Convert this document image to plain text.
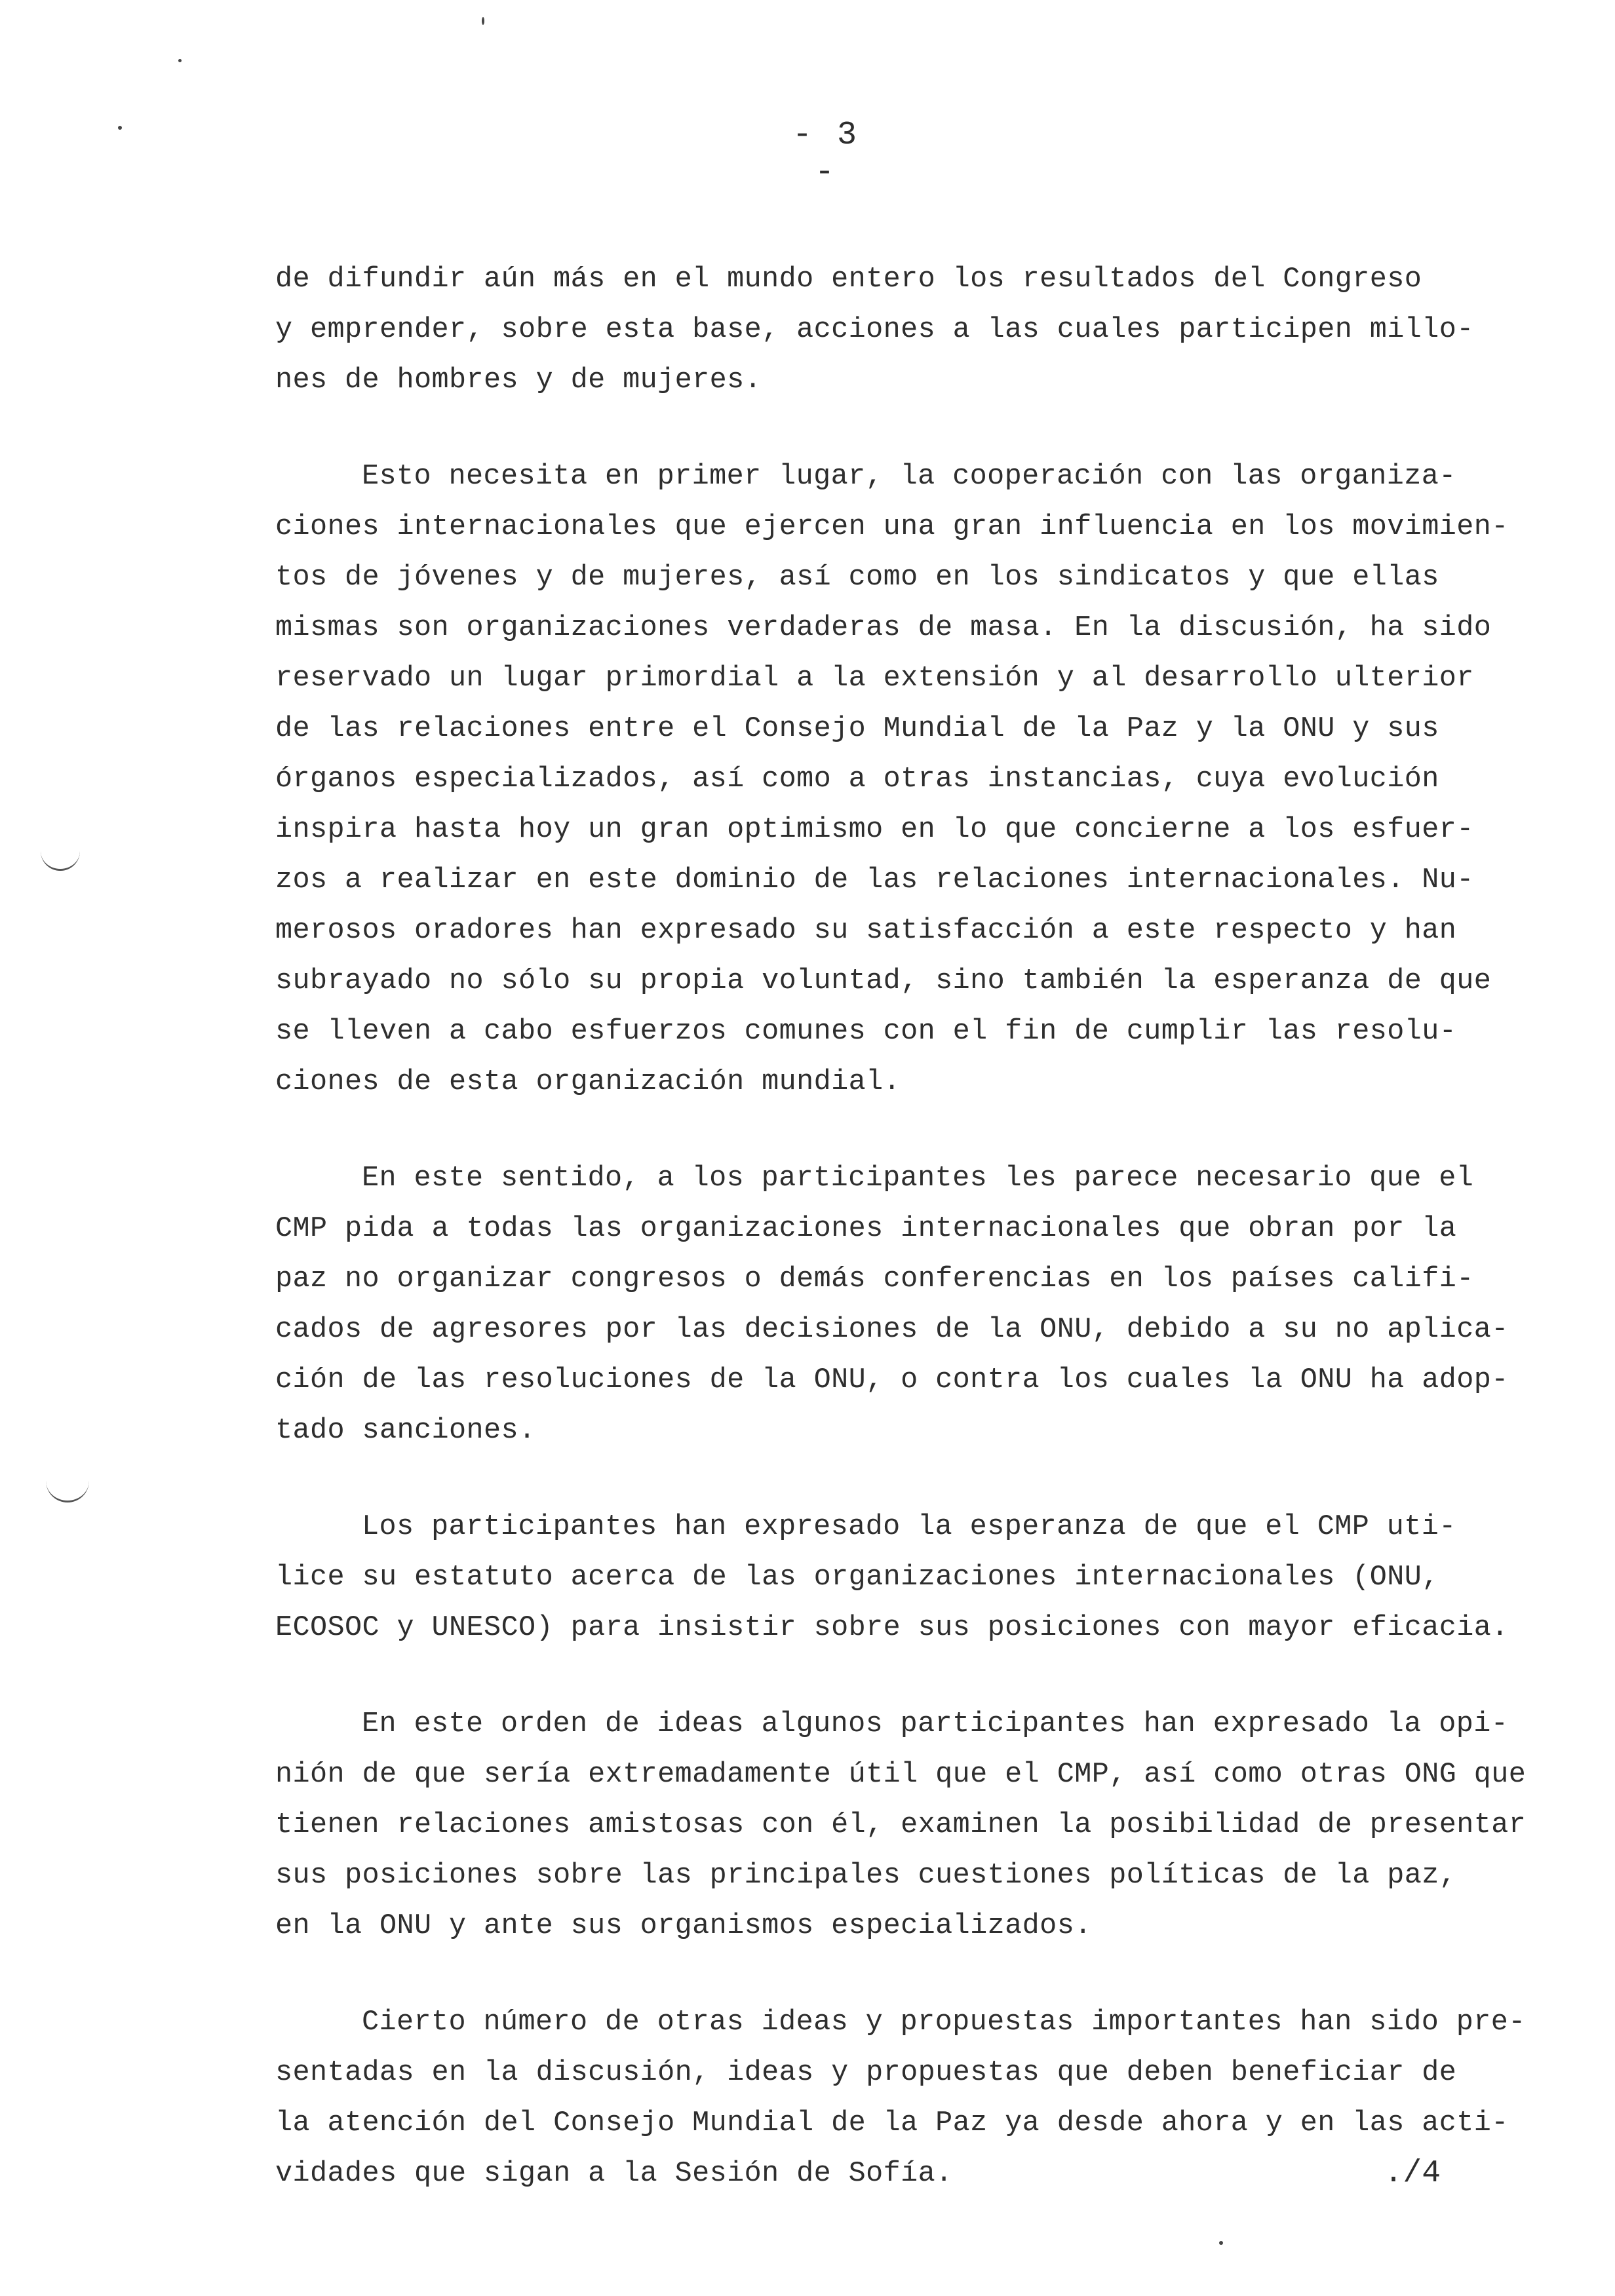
- 3 -
de difundir aún más en el mundo entero los resultados del Congreso
y emprender, sobre esta base, acciones a las cuales participen millo-
nes de hombres y de mujeres.
Esto necesita en primer lugar, la cooperación con las organiza-
ciones internacionales que ejercen una gran influencia en los movimien-
tos de jóvenes y de mujeres, así como en los sindicatos y que ellas
mismas son organizaciones verdaderas de masa. En la discusión, ha sido
reservado un lugar primordial a la extensión y al desarrollo ulterior
de las relaciones entre el Consejo Mundial de la Paz y la ONU y sus
órganos especializados, así como a otras instancias, cuya evolución
inspira hasta hoy un gran optimismo en lo que concierne a los esfuer-
zos a realizar en este dominio de las relaciones internacionales. Nu-
merosos oradores han expresado su satisfacción a este respecto y han
subrayado no sólo su propia voluntad, sino también la esperanza de que
se lleven a cabo esfuerzos comunes con el fin de cumplir las resolu-
ciones de esta organización mundial.
En este sentido, a los participantes les parece necesario que el
CMP pida a todas las organizaciones internacionales que obran por la
paz no organizar congresos o demás conferencias en los países califi-
cados de agresores por las decisiones de la ONU, debido a su no aplica-
ción de las resoluciones de la ONU, o contra los cuales la ONU ha adop-
tado sanciones.
Los participantes han expresado la esperanza de que el CMP uti-
lice su estatuto acerca de las organizaciones internacionales (ONU,
ECOSOC y UNESCO) para insistir sobre sus posiciones con mayor eficacia.
En este orden de ideas algunos participantes han expresado la opi-
nión de que sería extremadamente útil que el CMP, así como otras ONG que
tienen relaciones amistosas con él, examinen la posibilidad de presentar
sus posiciones sobre las principales cuestiones políticas de la paz,
en la ONU y ante sus organismos especializados.
Cierto número de otras ideas y propuestas importantes han sido pre-
sentadas en la discusión, ideas y propuestas que deben beneficiar de
la atención del Consejo Mundial de la Paz ya desde ahora y en las acti-
vidades que sigan a la Sesión de Sofía.	./4
